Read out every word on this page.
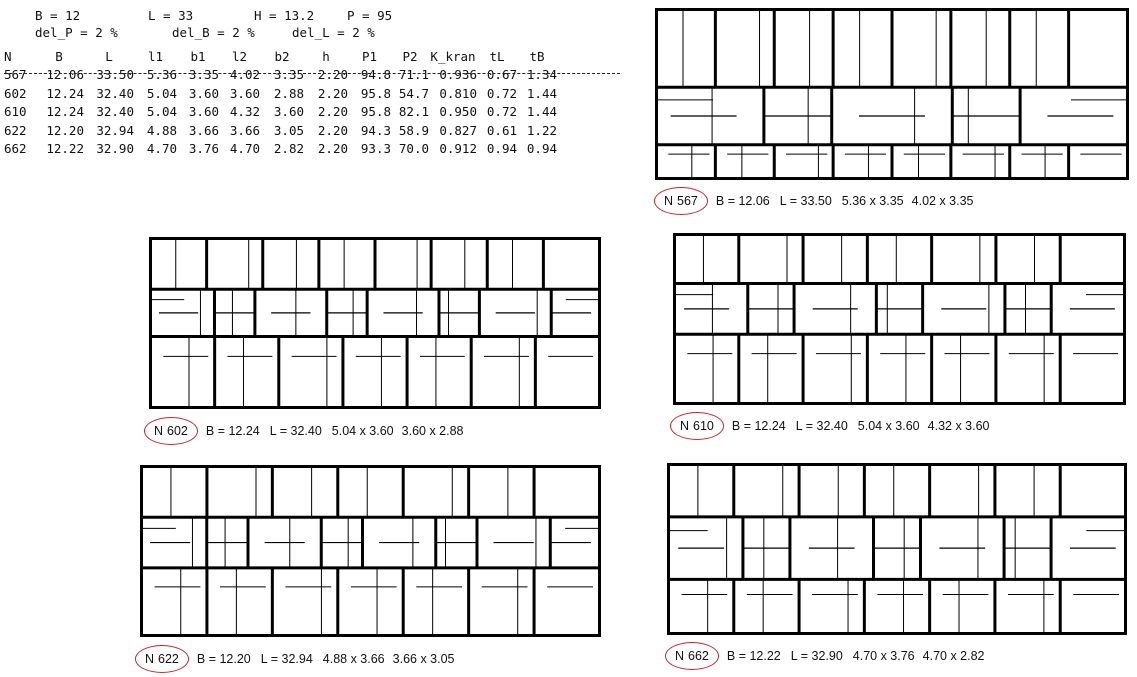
B = 12	L = 33	H = 13.2	P = 95
del_P = 2 %	del_B = 2 %	del_L = 2 %
N	B	L	l1	b1	l2	b2	h	P1	P2	K_kran	tL	tB
567	12.06	33.50	5.36	3.35	4.02	3.35	2.20	94.8	71.1	0.936	0.67	1.34
602	12.24	32.40	5.04	3.60	3.60	2.88	2.20	95.8	54.7	0.810	0.72	1.44
610	12.24	32.40	5.04	3.60	4.32	3.60	2.20	95.8	82.1	0.950	0.72	1.44
622	12.20	32.94	4.88	3.66	3.66	3.05	2.20	94.3	58.9	0.827	0.61	1.22
662	12.22	32.90	4.70	3.76	4.70	2.82	2.20	93.3	70.0	0.912	0.94	0.94
N 567 B = 12.06 L = 33.50 5.36 x 3.35 4.02 x 3.35
N 602 B = 12.24 L = 32.40 5.04 x 3.60 3.60 x 2.88	N 610 B = 12.24 L = 32.40 5.04 x 3.60 4.32 x 3.60
N 622 B = 12.20 L = 32.94 4.88 x 3.66 3.66 x 3.05	N 662 B = 12.22 L = 32.90 4.70 x 3.76 4.70 x 2.82
